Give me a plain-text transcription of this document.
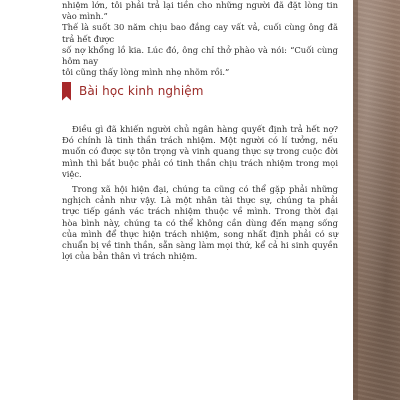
nhiệm lớn, tôi phải trả lại tiền cho những người đã đặt lòng tin vào mình.”

Thế là suốt 30 năm chịu bao đắng cay vất vả, cuối cùng ông đã trả hết được

số nợ khổng lồ kia. Lúc đó, ông chỉ thở phào và nói: “Cuối cùng hôm nay

tôi cũng thấy lòng mình nhẹ nhõm rồi.”

Bài học kinh nghiệm

Điều gì đã khiến người chủ ngân hàng quyết định trả hết nợ? Đó chính là tinh thần trách nhiệm. Một người có lí tưởng, nếu muốn có được sự tôn trọng và vinh quang thực sự trong cuộc đời mình thì bắt buộc phải có tinh thần chịu trách nhiệm trong mọi việc.

Trong xã hội hiện đại, chúng ta cũng có thể gặp phải những nghịch cảnh như vậy. Là một nhân tài thực sự, chúng ta phải trực tiếp gánh vác trách nhiệm thuộc về mình. Trong thời đại hòa bình này, chúng ta có thể không cần dùng đến mạng sống của mình để thực hiện trách nhiệm, song nhất định phải có sự chuẩn bị về tinh thần, sẵn sàng làm mọi thứ, kể cả hi sinh quyền lợi của bản thân vì trách nhiệm.
